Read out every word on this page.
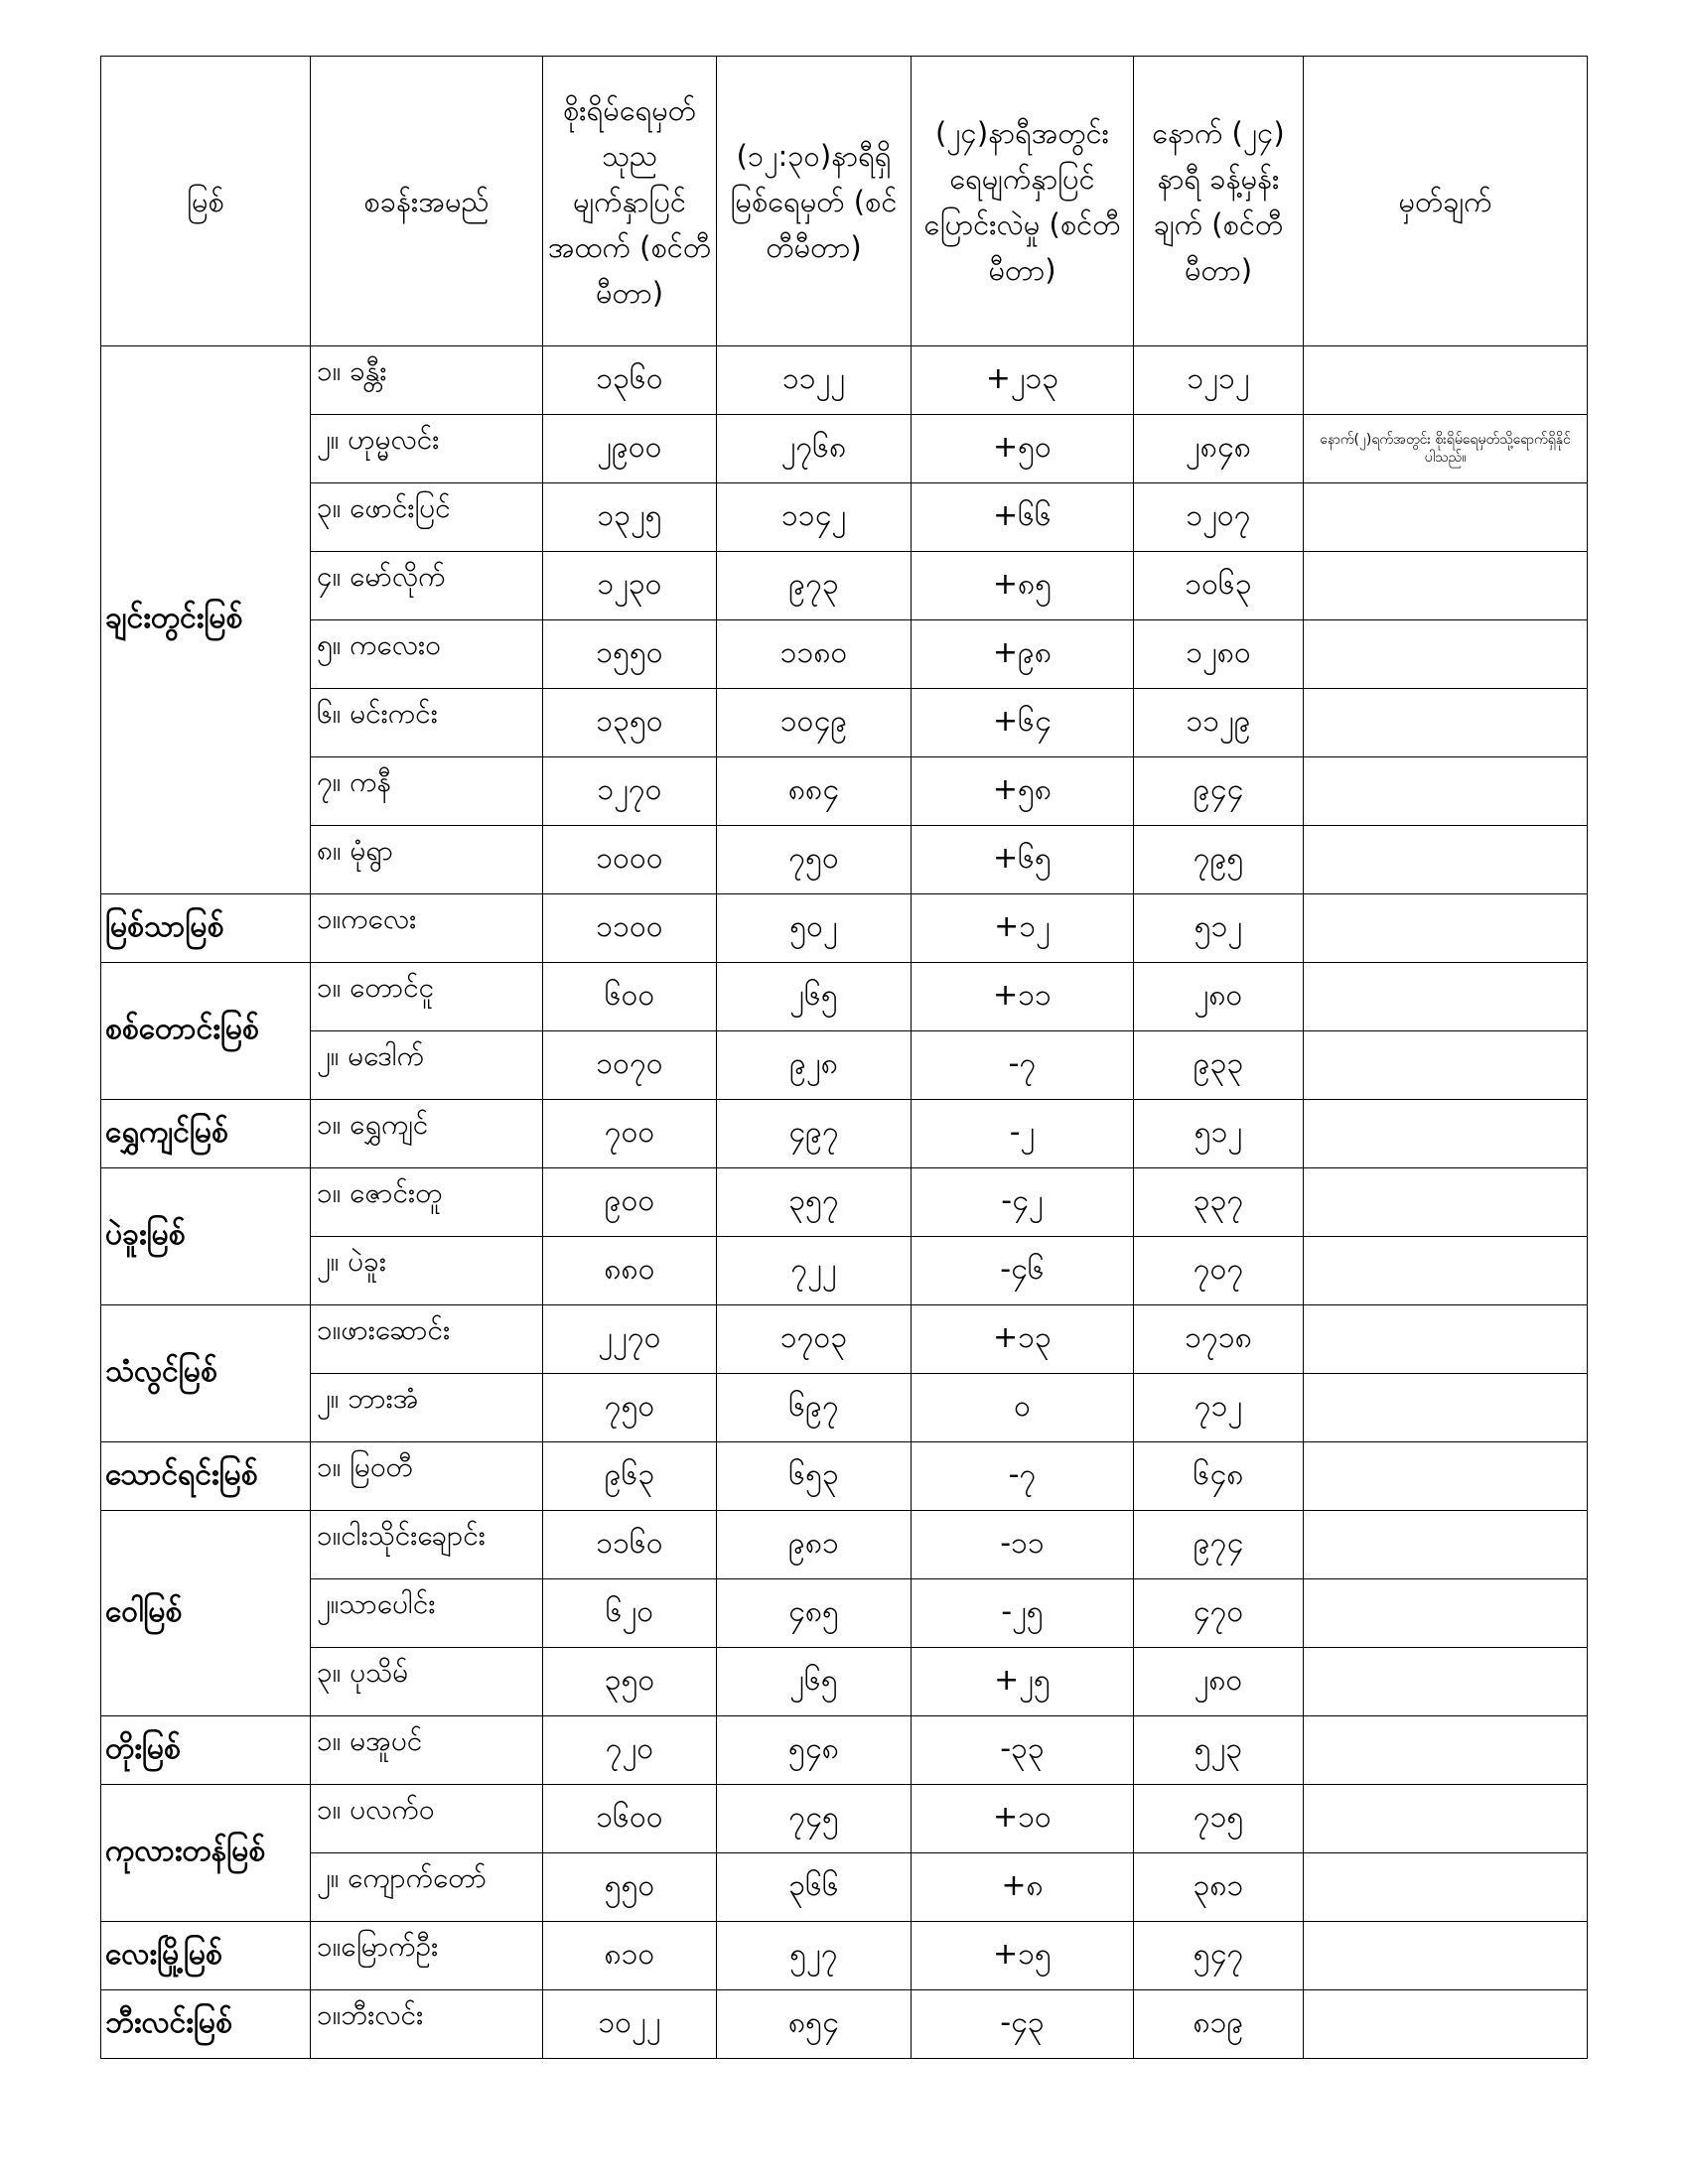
မြစ်	စခန်းအမည်	စိုးရိမ်ရေမှတ် သုည မျက်နှာပြင် အထက် (စင်တီမီတာ)	(၁၂:၃၀)နာရီရှိ မြစ်ရေမှတ် (စင်တီမီတာ)	(၂၄)နာရီအတွင်း ရေမျက်နှာပြင် ပြောင်းလဲမှု (စင်တီမီတာ)	နောက် (၂၄) နာရီ ခန့်မှန်းချက် (စင်တီမီတာ)	မှတ်ချက်
ချင်းတွင်းမြစ်	၁။ ခန္တီး	၁၃၆၀	၁၁၂၂	+၂၁၃	၁၂၁၂	
	၂။ ဟုမ္မလင်း	၂၉၀၀	၂၇၆၈	+၅၀	၂၈၄၈	နောက်(၂)ရက်အတွင်း စိုးရိမ်ရေမှတ်သို့ရောက်ရှိနိုင်ပါသည်။
	၃။ ဖောင်းပြင်	၁၃၂၅	၁၁၄၂	+၆၆	၁၂၀၇	
	၄။ မော်လိုက်	၁၂၃၀	၉၇၃	+၈၅	၁၀၆၃	
	၅။ ကလေးဝ	၁၅၅၀	၁၁၈၀	+၉၈	၁၂၈၀	
	၆။ မင်းကင်း	၁၃၅၀	၁၀၄၉	+၆၄	၁၁၂၉	
	၇။ ကနီ	၁၂၇၀	၈၈၄	+၅၈	၉၄၄	
	၈။ မုံရွာ	၁၀၀၀	၇၅၀	+၆၅	၇၉၅	
မြစ်သာမြစ်	၁။ကလေး	၁၁၀၀	၅၀၂	+၁၂	၅၁၂	
စစ်တောင်းမြစ်	၁။ တောင်ငူ	၆၀၀	၂၆၅	+၁၁	၂၈၀	
	၂။ မဒေါက်	၁၀၇၀	၉၂၈	-၇	၉၃၃	
ရွှေကျင်မြစ်	၁။ ရွှေကျင်	၇၀၀	၄၉၇	-၂	၅၁၂	
ပဲခူးမြစ်	၁။ ဇောင်းတူ	၉၀၀	၃၅၇	-၄၂	၃၃၇	
	၂။ ပဲခူး	၈၈၀	၇၂၂	-၄၆	၇၀၇	
သံလွင်မြစ်	၁။ဖားဆောင်း	၂၂၇၀	၁၇၀၃	+၁၃	၁၇၁၈	
	၂။ ဘားအံ	၇၅၀	၆၉၇	၀	၇၁၂	
သောင်ရင်းမြစ်	၁။ မြဝတီ	၉၆၃	၆၅၃	-၇	၆၄၈	
ဝေါမြစ်	၁။ငါးသိုင်းချောင်း	၁၁၆၀	၉၈၁	-၁၁	၉၇၄	
	၂။သာပေါင်း	၆၂၀	၄၈၅	-၂၅	၄၇၀	
	၃။ ပုသိမ်	၃၅၀	၂၆၅	+၂၅	၂၈၀	
တိုးမြစ်	၁။ မအူပင်	၇၂၀	၅၄၈	-၃၃	၅၂၃	
ကုလားတန်မြစ်	၁။ ပလက်ဝ	၁၆၀၀	၇၄၅	+၁၀	၇၁၅	
	၂။ ကျောက်တော်	၅၅၀	၃၆၆	+၈	၃၈၁	
လေးမြို့မြစ်	၁။မြောက်ဦး	၈၁၀	၅၂၇	+၁၅	၅၄၇	
ဘီးလင်းမြစ်	၁။ဘီးလင်း	၁၀၂၂	၈၅၄	-၄၃	၈၁၉	
